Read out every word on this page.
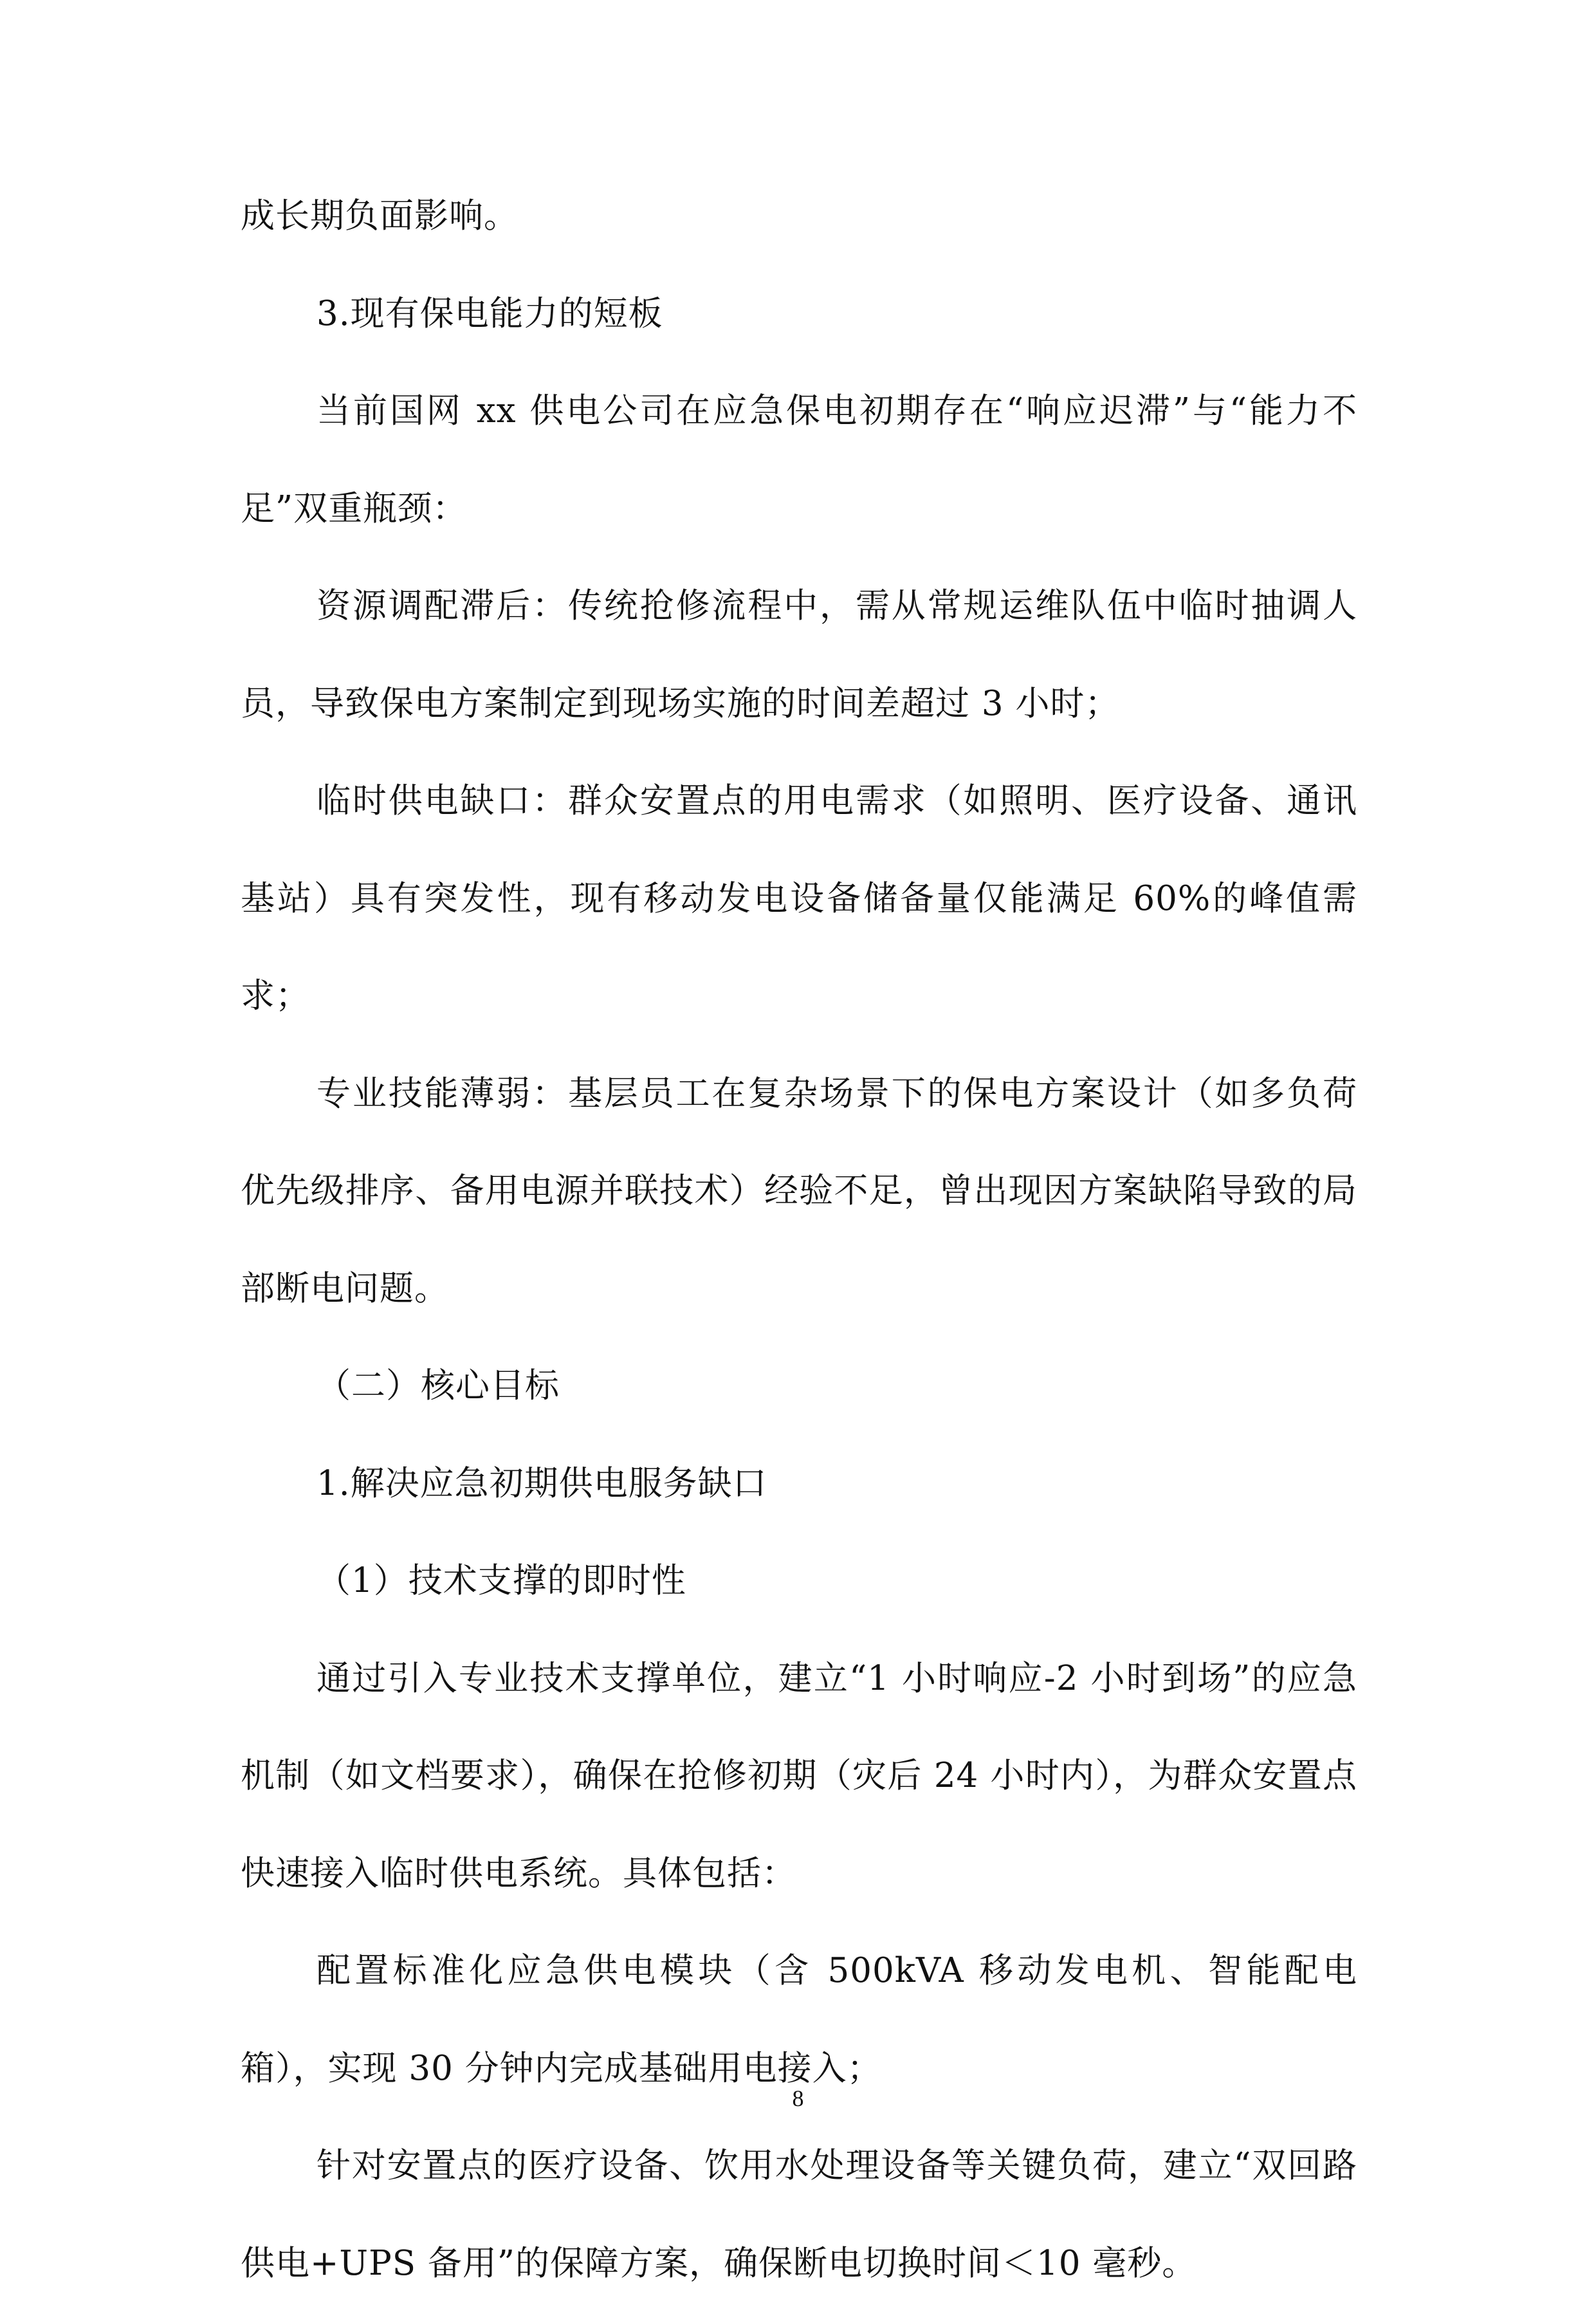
成长期负面影响。

3.现有保电能力的短板

当前国网 xx 供电公司在应急保电初期存在“响应迟滞”与“能力不足”双重瓶颈：

资源调配滞后：传统抢修流程中，需从常规运维队伍中临时抽调人员，导致保电方案制定到现场实施的时间差超过 3 小时；

临时供电缺口：群众安置点的用电需求（如照明、医疗设备、通讯基站）具有突发性，现有移动发电设备储备量仅能满足 60%的峰值需求；

专业技能薄弱：基层员工在复杂场景下的保电方案设计（如多负荷优先级排序、备用电源并联技术）经验不足，曾出现因方案缺陷导致的局部断电问题。

（二）核心目标

1.解决应急初期供电服务缺口

（1）技术支撑的即时性

通过引入专业技术支撑单位，建立“1 小时响应-2 小时到场”的应急机制（如文档要求），确保在抢修初期（灾后 24 小时内），为群众安置点快速接入临时供电系统。具体包括：

配置标准化应急供电模块（含 500kVA 移动发电机、智能配电箱），实现 30 分钟内完成基础用电接入；

针对安置点的医疗设备、饮用水处理设备等关键负荷，建立“双回路供电+UPS 备用”的保障方案，确保断电切换时间＜10 毫秒。

8
